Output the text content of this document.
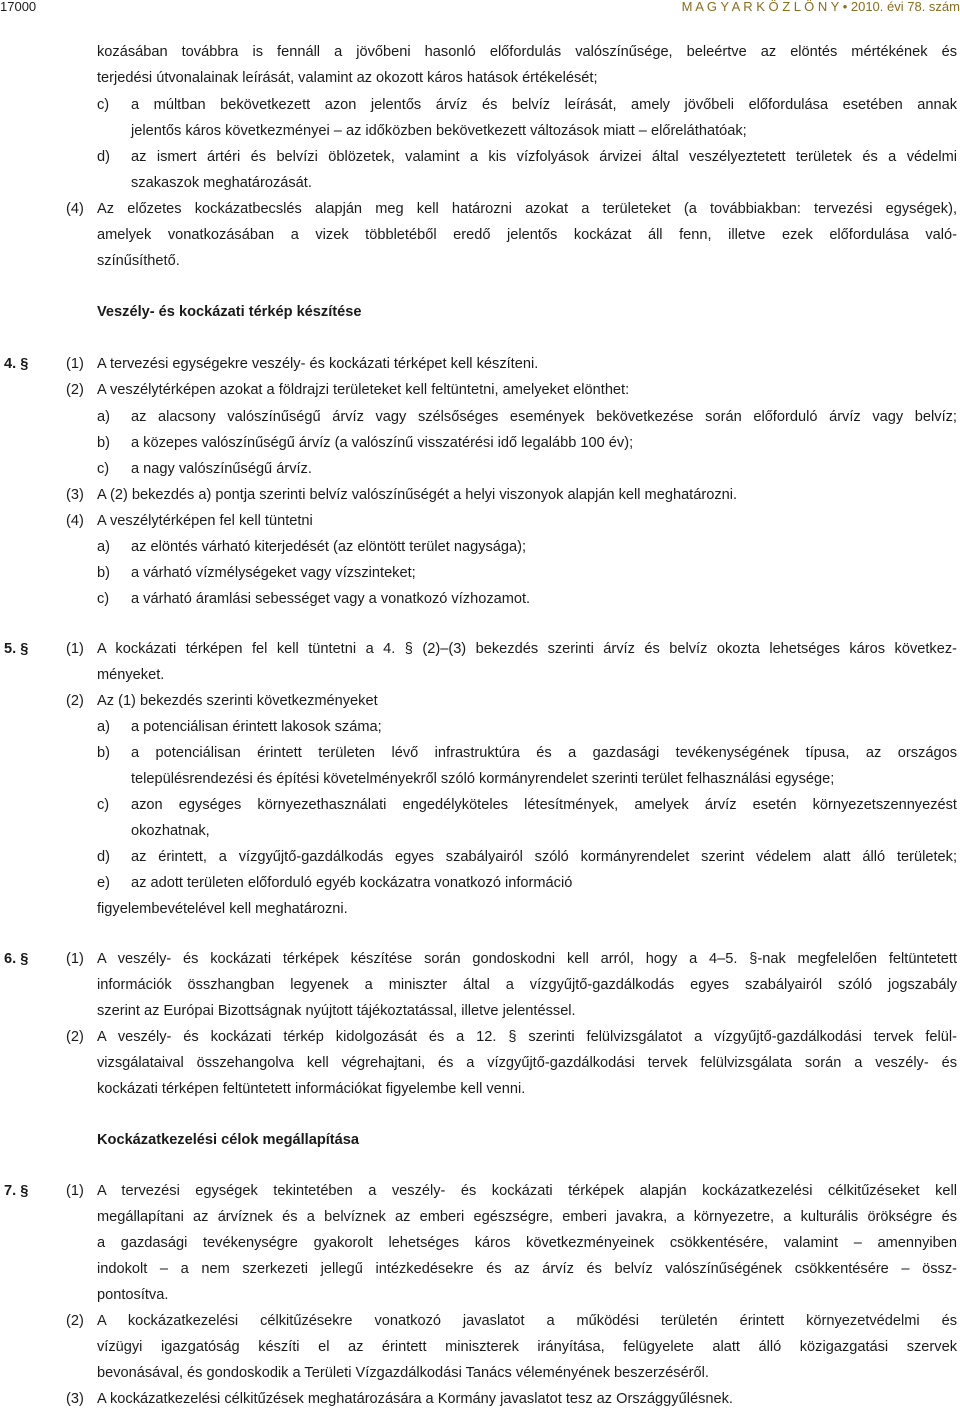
17000	M A G Y A R K Ö Z L Ö N Y • 2010. évi 78. szám
kozásában továbbra is fennáll a jövőbeni hasonló előfordulás valószínűsége, beleértve az elöntés mértékének és
terjedési útvonalainak leírását, valamint az okozott káros hatások értékelését;
c) a múltban bekövetkezett azon jelentős árvíz és belvíz leírását, amely jövőbeli előfordulása esetében annak
jelentős káros következményei – az időközben bekövetkezett változások miatt – előreláthatóak;
d) az ismert ártéri és belvízi öblözetek, valamint a kis vízfolyások árvizei által veszélyeztetett területek és a védelmi
szakaszok meghatározását.
(4) Az előzetes kockázatbecslés alapján meg kell határozni azokat a területeket (a továbbiakban: tervezési egységek),
amelyek vonatkozásában a vizek többletéből eredő jelentős kockázat áll fenn, illetve ezek előfordulása való-
színűsíthető.
Veszély- és kockázati térkép készítése
4. §	(1) A tervezési egységekre veszély- és kockázati térképet kell készíteni.
(2) A veszélytérképen azokat a földrajzi területeket kell feltüntetni, amelyeket elönthet:
a) az alacsony valószínűségű árvíz vagy szélsőséges események bekövetkezése során előforduló árvíz vagy belvíz;
b) a közepes valószínűségű árvíz (a valószínű visszatérési idő legalább 100 év);
c) a nagy valószínűségű árvíz.
(3) A (2) bekezdés a) pontja szerinti belvíz valószínűségét a helyi viszonyok alapján kell meghatározni.
(4) A veszélytérképen fel kell tüntetni
a) az elöntés várható kiterjedését (az elöntött terület nagysága);
b) a várható vízmélységeket vagy vízszinteket;
c) a várható áramlási sebességet vagy a vonatkozó vízhozamot.
5. §	(1) A kockázati térképen fel kell tüntetni a 4. § (2)–(3) bekezdés szerinti árvíz és belvíz okozta lehetséges káros következ-
ményeket.
(2) Az (1) bekezdés szerinti következményeket
a) a potenciálisan érintett lakosok száma;
b) a potenciálisan érintett területen lévő infrastruktúra és a gazdasági tevékenységének típusa, az országos
településrendezési és építési követelményekről szóló kormányrendelet szerinti terület felhasználási egysége;
c) azon egységes környezethasználati engedélyköteles létesítmények, amelyek árvíz esetén környezetszennyezést
okozhatnak,
d) az érintett, a vízgyűjtő-gazdálkodás egyes szabályairól szóló kormányrendelet szerint védelem alatt álló területek;
e) az adott területen előforduló egyéb kockázatra vonatkozó információ
figyelembevételével kell meghatározni.
6. §	(1) A veszély- és kockázati térképek készítése során gondoskodni kell arról, hogy a 4–5. §-nak megfelelően feltüntetett
információk összhangban legyenek a miniszter által a vízgyűjtő-gazdálkodás egyes szabályairól szóló jogszabály
szerint az Európai Bizottságnak nyújtott tájékoztatással, illetve jelentéssel.
(2) A veszély- és kockázati térkép kidolgozását és a 12. § szerinti felülvizsgálatot a vízgyűjtő-gazdálkodási tervek felül-
vizsgálataival összehangolva kell végrehajtani, és a vízgyűjtő-gazdálkodási tervek felülvizsgálata során a veszély- és
kockázati térképen feltüntetett információkat figyelembe kell venni.
Kockázatkezelési célok megállapítása
7. §	(1) A tervezési egységek tekintetében a veszély- és kockázati térképek alapján kockázatkezelési célkitűzéseket kell
megállapítani az árvíznek és a belvíznek az emberi egészségre, emberi javakra, a környezetre, a kulturális örökségre és
a gazdasági tevékenységre gyakorolt lehetséges káros következményeinek csökkentésére, valamint – amennyiben
indokolt – a nem szerkezeti jellegű intézkedésekre és az árvíz és belvíz valószínűségének csökkentésére – össz-
pontosítva.
(2) A kockázatkezelési célkitűzésekre vonatkozó javaslatot a működési területén érintett környezetvédelmi és
vízügyi igazgatóság készíti el az érintett miniszterek irányítása, felügyelete alatt álló közigazgatási szervek
bevonásával, és gondoskodik a Területi Vízgazdálkodási Tanács véleményének beszerzéséről.
(3) A kockázatkezelési célkitűzések meghatározására a Kormány javaslatot tesz az Országgyűlésnek.
